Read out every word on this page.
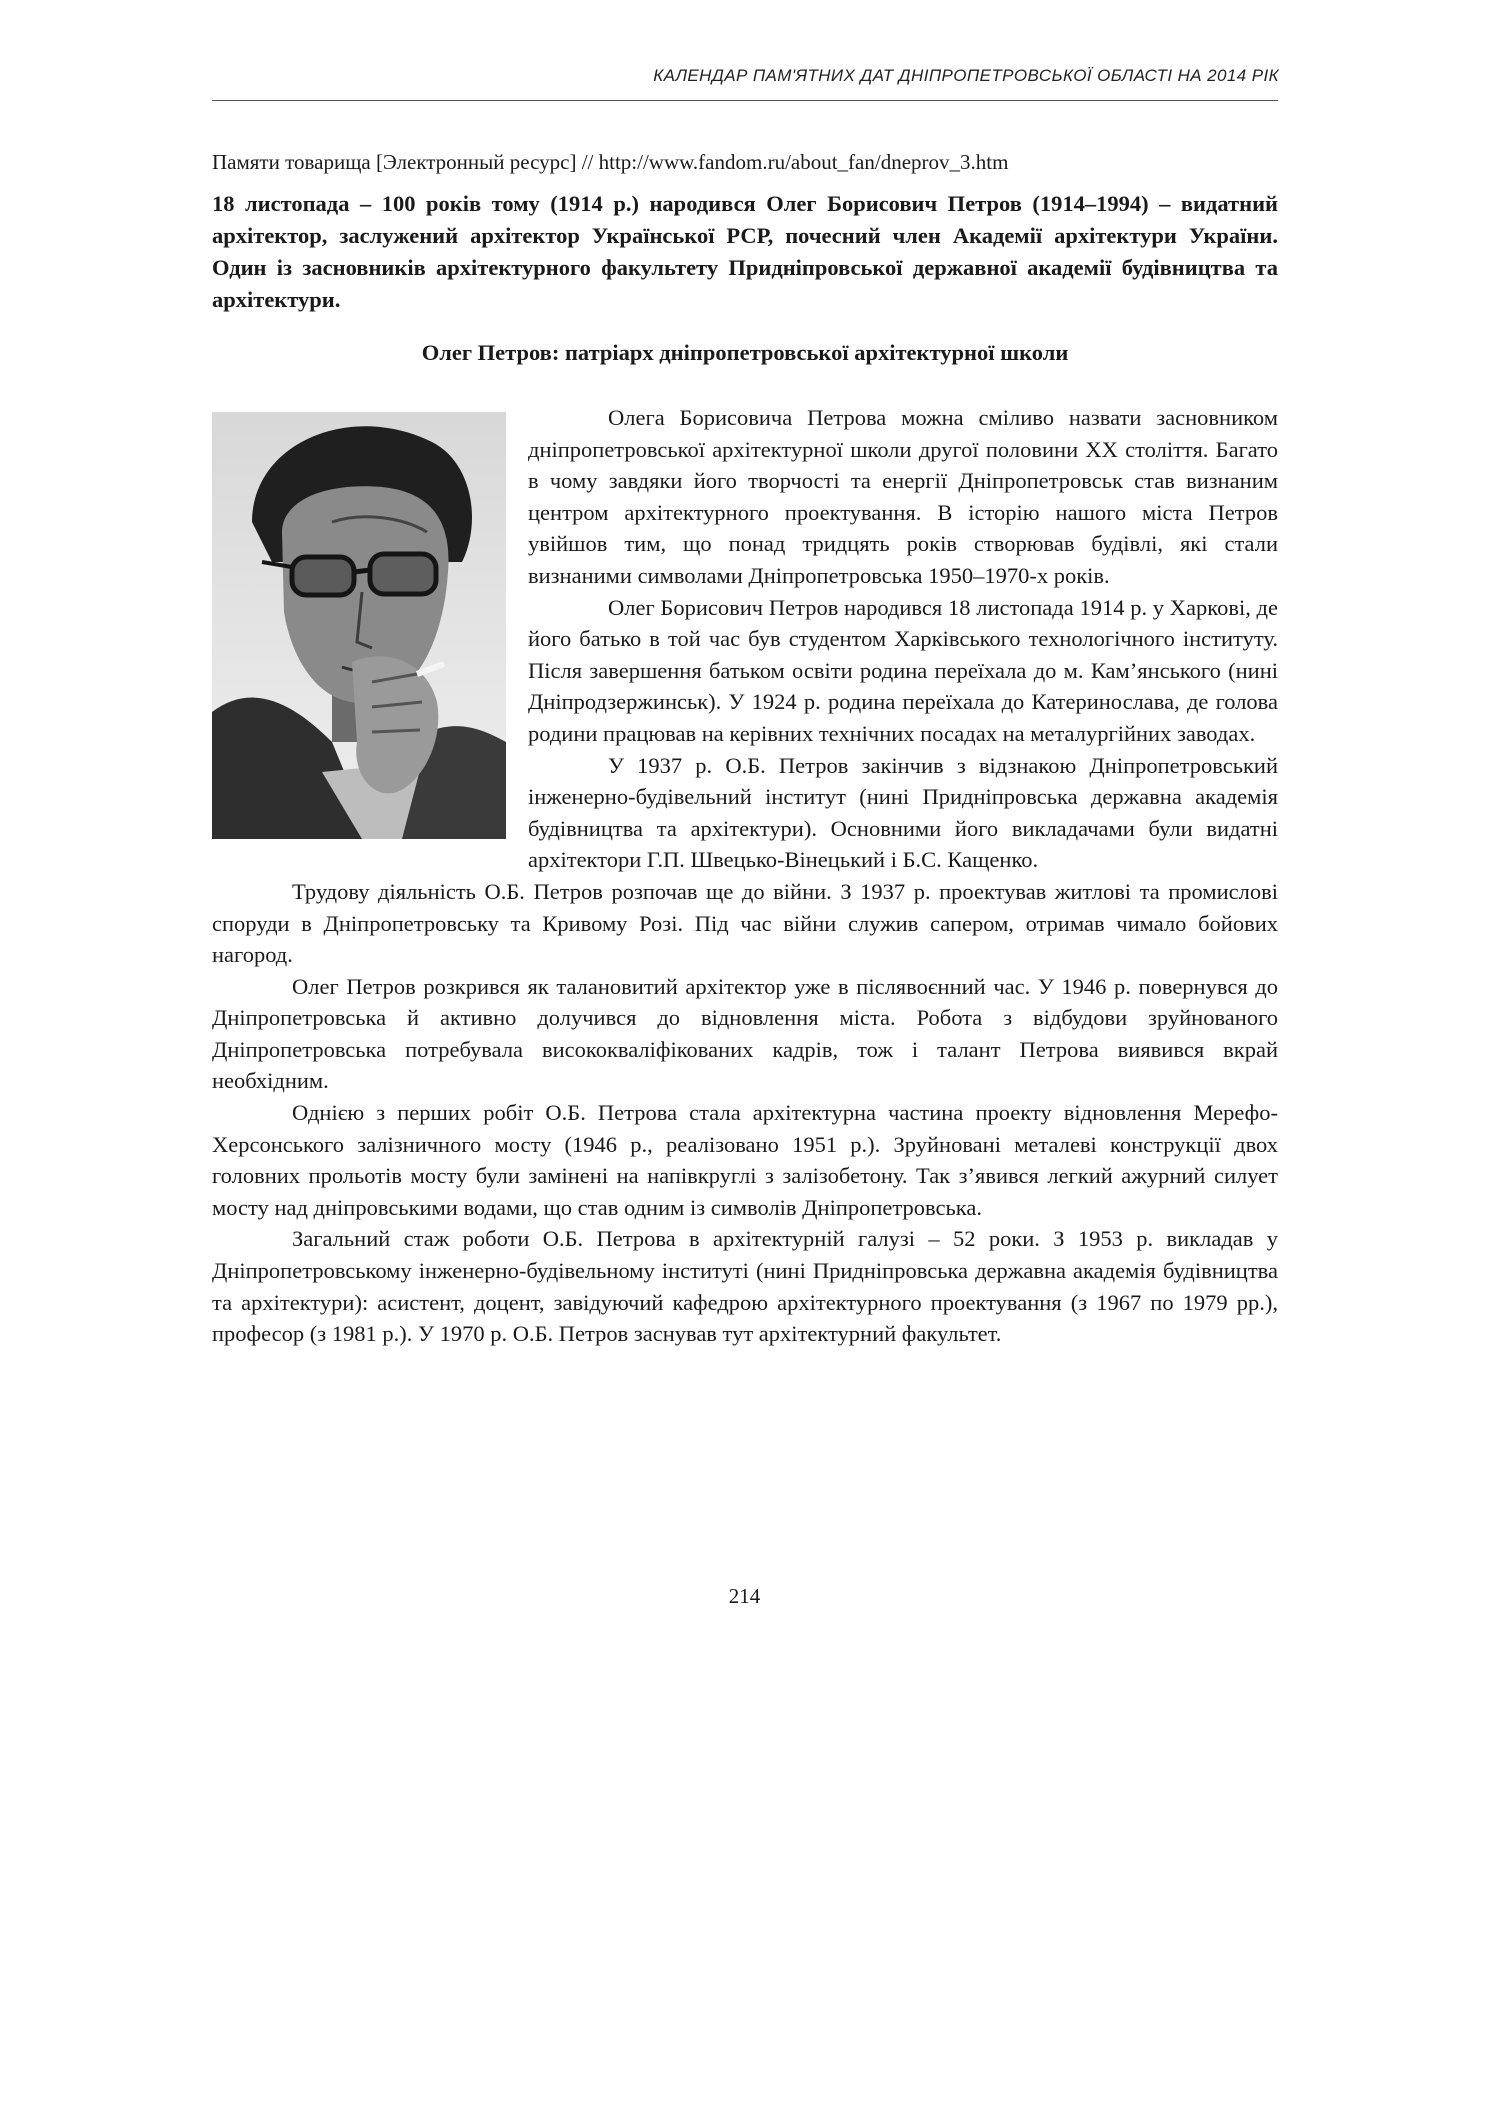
КАЛЕНДАР ПАМ'ЯТНИХ ДАТ ДНІПРОПЕТРОВСЬКОЇ ОБЛАСТІ НА 2014 РІК

Памяти товарища [Электронный ресурс] // http://www.fandom.ru/about_fan/dneprov_3.htm

18 листопада – 100 років тому (1914 р.) народився Олег Борисович Петров (1914–1994) – видатний архітектор, заслужений архітектор Української РСР, почесний член Академії архітектури України. Один із засновників архітектурного факультету Придніпровської державної академії будівництва та архітектури.

Олег Петров: патріарх дніпропетровської архітектурної школи

Олега Борисовича Петрова можна сміливо назвати засновником дніпропетровської архітектурної школи другої половини ХХ століття. Багато в чому завдяки його творчості та енергії Дніпропетровськ став визнаним центром архітектурного проектування. В історію нашого міста Петров увійшов тим, що понад тридцять років створював будівлі, які стали визнаними символами Дніпропетровська 1950–1970-х років.

Олег Борисович Петров народився 18 листопада 1914 р. у Харкові, де його батько в той час був студентом Харківського технологічного інституту. Після завершення батьком освіти родина переїхала до м. Кам’янського (нині Дніпродзержинськ). У 1924 р. родина переїхала до Катеринослава, де голова родини працював на керівних технічних посадах на металургійних заводах.

У 1937 р. О.Б. Петров закінчив з відзнакою Дніпропетровський інженерно-будівельний інститут (нині Придніпровська державна академія будівництва та архітектури). Основними його викладачами були видатні архітектори Г.П. Швецько-Вінецький і Б.С. Кащенко.

Трудову діяльність О.Б. Петров розпочав ще до війни. З 1937 р. проектував житлові та промислові споруди в Дніпропетровську та Кривому Розі. Під час війни служив сапером, отримав чимало бойових нагород.

Олег Петров розкрився як талановитий архітектор уже в післявоєнний час. У 1946 р. повернувся до Дніпропетровська й активно долучився до відновлення міста. Робота з відбудови зруйнованого Дніпропетровська потребувала висококваліфікованих кадрів, тож і талант Петрова виявився вкрай необхідним.

Однією з перших робіт О.Б. Петрова стала архітектурна частина проекту відновлення Мерефо-Херсонського залізничного мосту (1946 р., реалізовано 1951 р.). Зруйновані металеві конструкції двох головних прольотів мосту були замінені на напівкруглі з залізобетону. Так з’явився легкий ажурний силует мосту над дніпровськими водами, що став одним із символів Дніпропетровська.

Загальний стаж роботи О.Б. Петрова в архітектурній галузі – 52 роки. З 1953 р. викладав у Дніпропетровському інженерно-будівельному інституті (нині Придніпровська державна академія будівництва та архітектури): асистент, доцент, завідуючий кафедрою архітектурного проектування (з 1967 по 1979 рр.), професор (з 1981 р.). У 1970 р. О.Б. Петров заснував тут архітектурний факультет.

214
